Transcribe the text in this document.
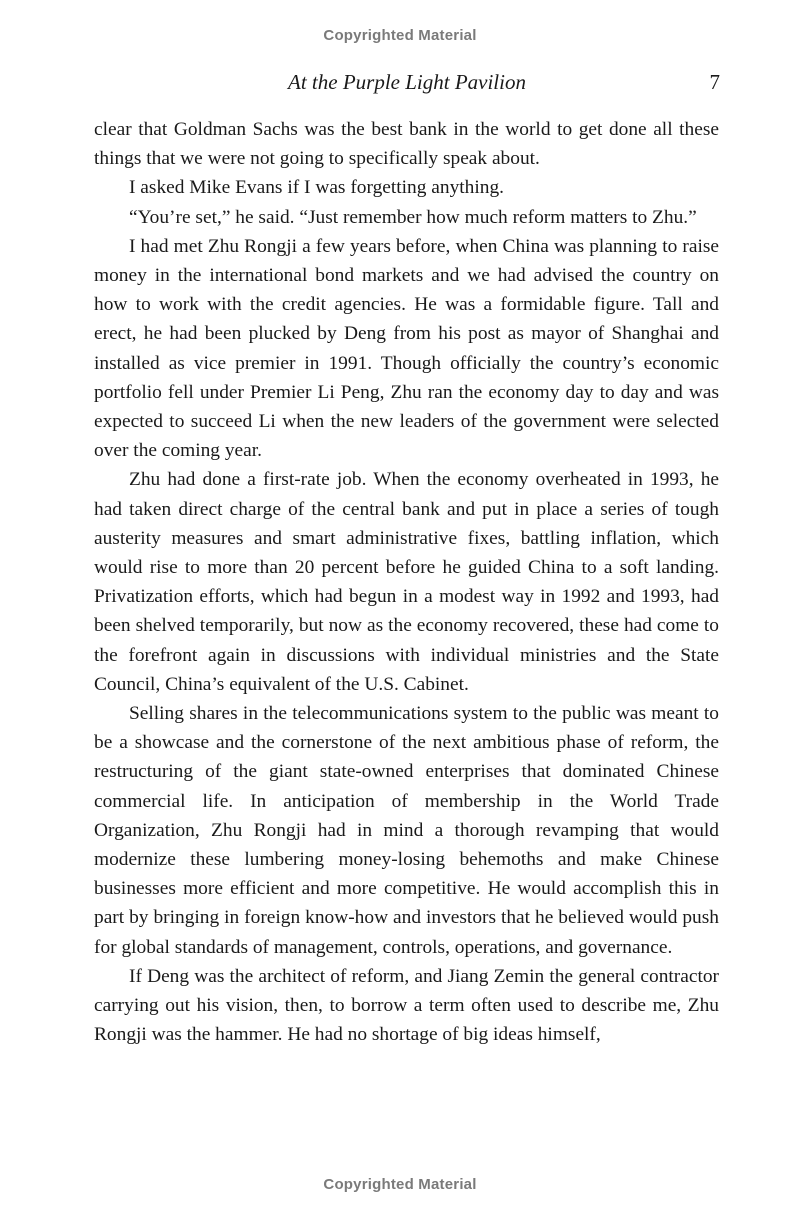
Copyrighted Material
At the Purple Light Pavilion	7

clear that Goldman Sachs was the best bank in the world to get done all these things that we were not going to specifically speak about.

I asked Mike Evans if I was forgetting anything.

“You’re set,” he said. “Just remember how much reform matters to Zhu.”

I had met Zhu Rongji a few years before, when China was planning to raise money in the international bond markets and we had advised the country on how to work with the credit agencies. He was a formidable figure. Tall and erect, he had been plucked by Deng from his post as mayor of Shanghai and installed as vice premier in 1991. Though officially the country’s economic portfolio fell under Premier Li Peng, Zhu ran the economy day to day and was expected to succeed Li when the new leaders of the government were selected over the coming year.

Zhu had done a first-rate job. When the economy overheated in 1993, he had taken direct charge of the central bank and put in place a series of tough austerity measures and smart administrative fixes, battling inflation, which would rise to more than 20 percent before he guided China to a soft landing. Privatization efforts, which had begun in a modest way in 1992 and 1993, had been shelved temporarily, but now as the economy recovered, these had come to the forefront again in discussions with individual ministries and the State Council, China’s equivalent of the U.S. Cabinet.

Selling shares in the telecommunications system to the public was meant to be a showcase and the cornerstone of the next ambitious phase of reform, the restructuring of the giant state-owned enterprises that dominated Chinese commercial life. In anticipation of membership in the World Trade Organization, Zhu Rongji had in mind a thorough revamping that would modernize these lumbering money-losing behemoths and make Chinese businesses more efficient and more competitive. He would accomplish this in part by bringing in foreign know-how and investors that he believed would push for global standards of management, controls, operations, and governance.

If Deng was the architect of reform, and Jiang Zemin the general contractor carrying out his vision, then, to borrow a term often used to describe me, Zhu Rongji was the hammer. He had no shortage of big ideas himself,

Copyrighted Material
